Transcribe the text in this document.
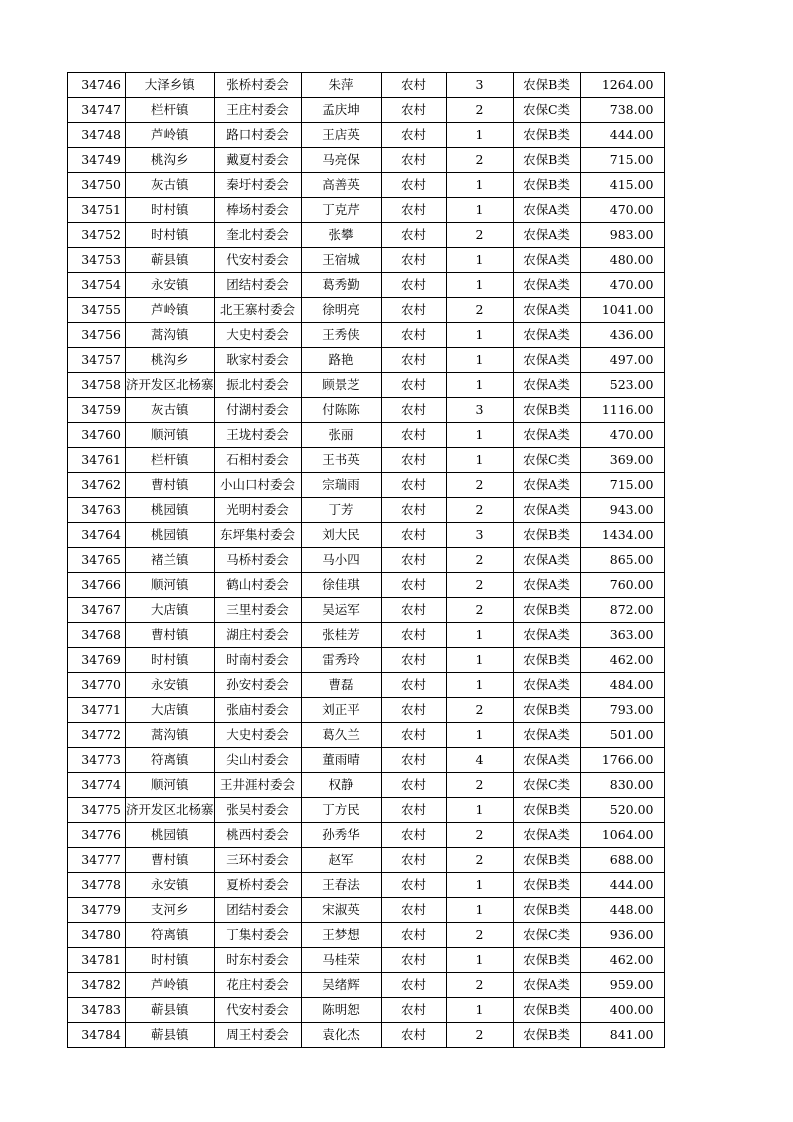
34746	大泽乡镇	张桥村委会	朱萍	农村	3	农保B类	1264.00
34747	栏杆镇	王庄村委会	孟庆坤	农村	2	农保C类	738.00
34748	芦岭镇	路口村委会	王店英	农村	1	农保B类	444.00
34749	桃沟乡	戴夏村委会	马亮保	农村	2	农保B类	715.00
34750	灰古镇	秦圩村委会	高善英	农村	1	农保B类	415.00
34751	时村镇	棒场村委会	丁克芹	农村	1	农保A类	470.00
34752	时村镇	奎北村委会	张攀	农村	2	农保A类	983.00
34753	蕲县镇	代安村委会	王宿城	农村	1	农保A类	480.00
34754	永安镇	团结村委会	葛秀勤	农村	1	农保A类	470.00
34755	芦岭镇	北王寨村委会	徐明亮	农村	2	农保A类	1041.00
34756	蒿沟镇	大史村委会	王秀侠	农村	1	农保A类	436.00
34757	桃沟乡	耿家村委会	路艳	农村	1	农保A类	497.00
34758	济开发区北杨寨	振北村委会	顾景芝	农村	1	农保A类	523.00
34759	灰古镇	付湖村委会	付陈陈	农村	3	农保B类	1116.00
34760	顺河镇	王垅村委会	张丽	农村	1	农保A类	470.00
34761	栏杆镇	石相村委会	王书英	农村	1	农保C类	369.00
34762	曹村镇	小山口村委会	宗瑞雨	农村	2	农保A类	715.00
34763	桃园镇	光明村委会	丁芳	农村	2	农保A类	943.00
34764	桃园镇	东坪集村委会	刘大民	农村	3	农保B类	1434.00
34765	褚兰镇	马桥村委会	马小四	农村	2	农保A类	865.00
34766	顺河镇	鹤山村委会	徐佳琪	农村	2	农保A类	760.00
34767	大店镇	三里村委会	吴运军	农村	2	农保B类	872.00
34768	曹村镇	湖庄村委会	张桂芳	农村	1	农保A类	363.00
34769	时村镇	时南村委会	雷秀玲	农村	1	农保B类	462.00
34770	永安镇	孙安村委会	曹磊	农村	1	农保A类	484.00
34771	大店镇	张庙村委会	刘正平	农村	2	农保B类	793.00
34772	蒿沟镇	大史村委会	葛久兰	农村	1	农保A类	501.00
34773	符离镇	尖山村委会	董雨晴	农村	4	农保A类	1766.00
34774	顺河镇	王井涯村委会	权静	农村	2	农保C类	830.00
34775	济开发区北杨寨	张吴村委会	丁方民	农村	1	农保B类	520.00
34776	桃园镇	桃西村委会	孙秀华	农村	2	农保A类	1064.00
34777	曹村镇	三环村委会	赵军	农村	2	农保B类	688.00
34778	永安镇	夏桥村委会	王春法	农村	1	农保B类	444.00
34779	支河乡	团结村委会	宋淑英	农村	1	农保B类	448.00
34780	符离镇	丁集村委会	王梦想	农村	2	农保C类	936.00
34781	时村镇	时东村委会	马桂荣	农村	1	农保B类	462.00
34782	芦岭镇	花庄村委会	吴绪辉	农村	2	农保A类	959.00
34783	蕲县镇	代安村委会	陈明恕	农村	1	农保B类	400.00
34784	蕲县镇	周王村委会	袁化杰	农村	2	农保B类	841.00
